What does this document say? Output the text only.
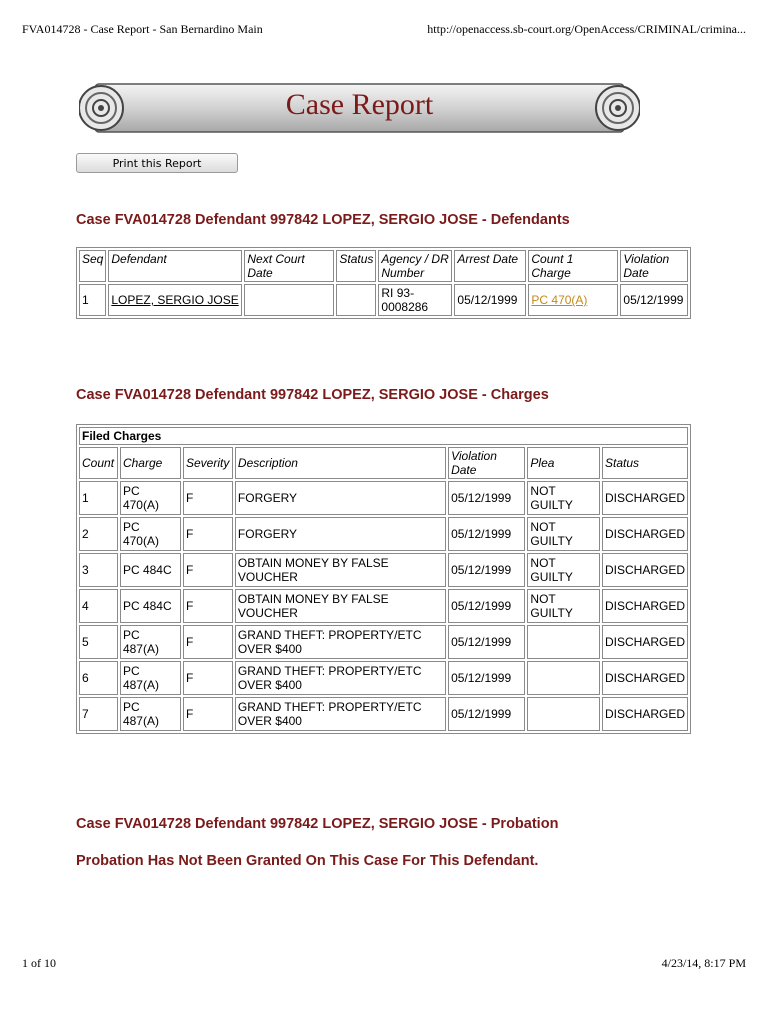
FVA014728 - Case Report - San Bernardino Main	http://openaccess.sb-court.org/OpenAccess/CRIMINAL/crimina...
Case Report
Print this Report
Case FVA014728 Defendant 997842 LOPEZ, SERGIO JOSE - Defendants
Seq	Defendant	Next Court Date	Status	Agency / DR Number	Arrest Date	Count 1 Charge	Violation Date
1	LOPEZ, SERGIO JOSE			RI 93-0008286	05/12/1999	PC 470(A)	05/12/1999
Case FVA014728 Defendant 997842 LOPEZ, SERGIO JOSE - Charges
Filed Charges						
Count	Charge	Severity	Description	Violation Date	Plea	Status
1	PC 470(A)	F	FORGERY	05/12/1999	NOT GUILTY	DISCHARGED
2	PC 470(A)	F	FORGERY	05/12/1999	NOT GUILTY	DISCHARGED
3	PC 484C	F	OBTAIN MONEY BY FALSE VOUCHER	05/12/1999	NOT GUILTY	DISCHARGED
4	PC 484C	F	OBTAIN MONEY BY FALSE VOUCHER	05/12/1999	NOT GUILTY	DISCHARGED
5	PC 487(A)	F	GRAND THEFT: PROPERTY/ETC OVER $400	05/12/1999		DISCHARGED
6	PC 487(A)	F	GRAND THEFT: PROPERTY/ETC OVER $400	05/12/1999		DISCHARGED
7	PC 487(A)	F	GRAND THEFT: PROPERTY/ETC OVER $400	05/12/1999		DISCHARGED
Case FVA014728 Defendant 997842 LOPEZ, SERGIO JOSE - Probation
Probation Has Not Been Granted On This Case For This Defendant.
1 of 10	4/23/14, 8:17 PM
